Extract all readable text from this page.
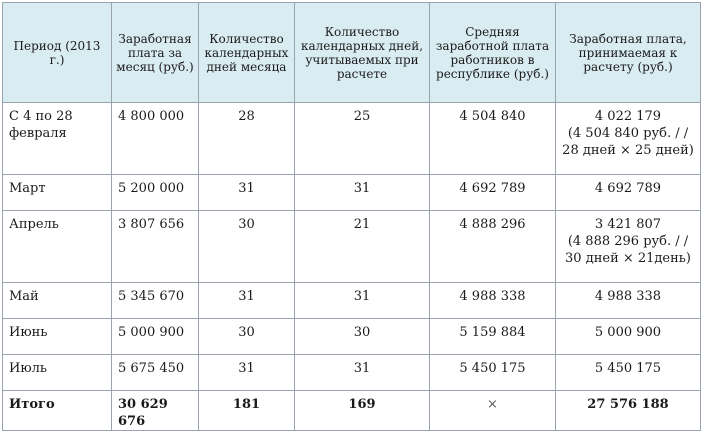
Период (2013 г.)	Заработная плата за месяц (руб.)	Количество календарных дней месяца	Количество календарных дней, учитываемых при расчете	Средняя заработной плата работников в республике (руб.)	Заработная плата, принимаемая к расчету (руб.)
С 4 по 28 февраля	4 800 000	28	25	4 504 840	4 022 179
(4 504 840 руб. / / 28 дней × 25 дней)

Март	5 200 000	31	31	4 692 789	4 692 789
Апрель	3 807 656	30	21	4 888 296	3 421 807
(4 888 296 руб. / / 30 дней × 21день)

Май	5 345 670	31	31	4 988 338	4 988 338
Июнь	5 000 900	30	30	5 159 884	5 000 900
Июль	5 675 450	31	31	5 450 175	5 450 175
Итого	30 629 676	181	169	×	27 576 188
